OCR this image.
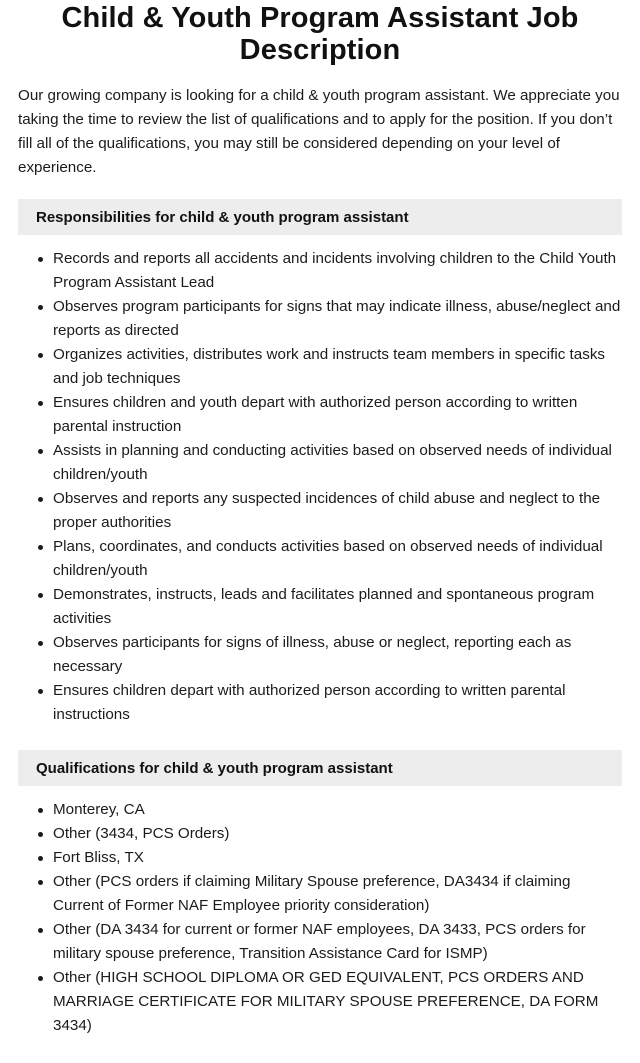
Child & Youth Program Assistant Job Description

Our growing company is looking for a child & youth program assistant. We appreciate you taking the time to review the list of qualifications and to apply for the position. If you don’t fill all of the qualifications, you may still be considered depending on your level of experience.

Responsibilities for child & youth program assistant
Records and reports all accidents and incidents involving children to the Child Youth Program Assistant Lead
Observes program participants for signs that may indicate illness, abuse/neglect and reports as directed
Organizes activities, distributes work and instructs team members in specific tasks and job techniques
Ensures children and youth depart with authorized person according to written parental instruction
Assists in planning and conducting activities based on observed needs of individual children/youth
Observes and reports any suspected incidences of child abuse and neglect to the proper authorities
Plans, coordinates, and conducts activities based on observed needs of individual children/youth
Demonstrates, instructs, leads and facilitates planned and spontaneous program activities
Observes participants for signs of illness, abuse or neglect, reporting each as necessary
Ensures children depart with authorized person according to written parental instructions
Qualifications for child & youth program assistant
Monterey, CA
Other (3434, PCS Orders)
Fort Bliss, TX
Other (PCS orders if claiming Military Spouse preference, DA3434 if claiming Current of Former NAF Employee priority consideration)
Other (DA 3434 for current or former NAF employees, DA 3433, PCS orders for military spouse preference, Transition Assistance Card for ISMP)
Other (HIGH SCHOOL DIPLOMA OR GED EQUIVALENT, PCS ORDERS AND MARRIAGE CERTIFICATE FOR MILITARY SPOUSE PREFERENCE, DA FORM 3434)
